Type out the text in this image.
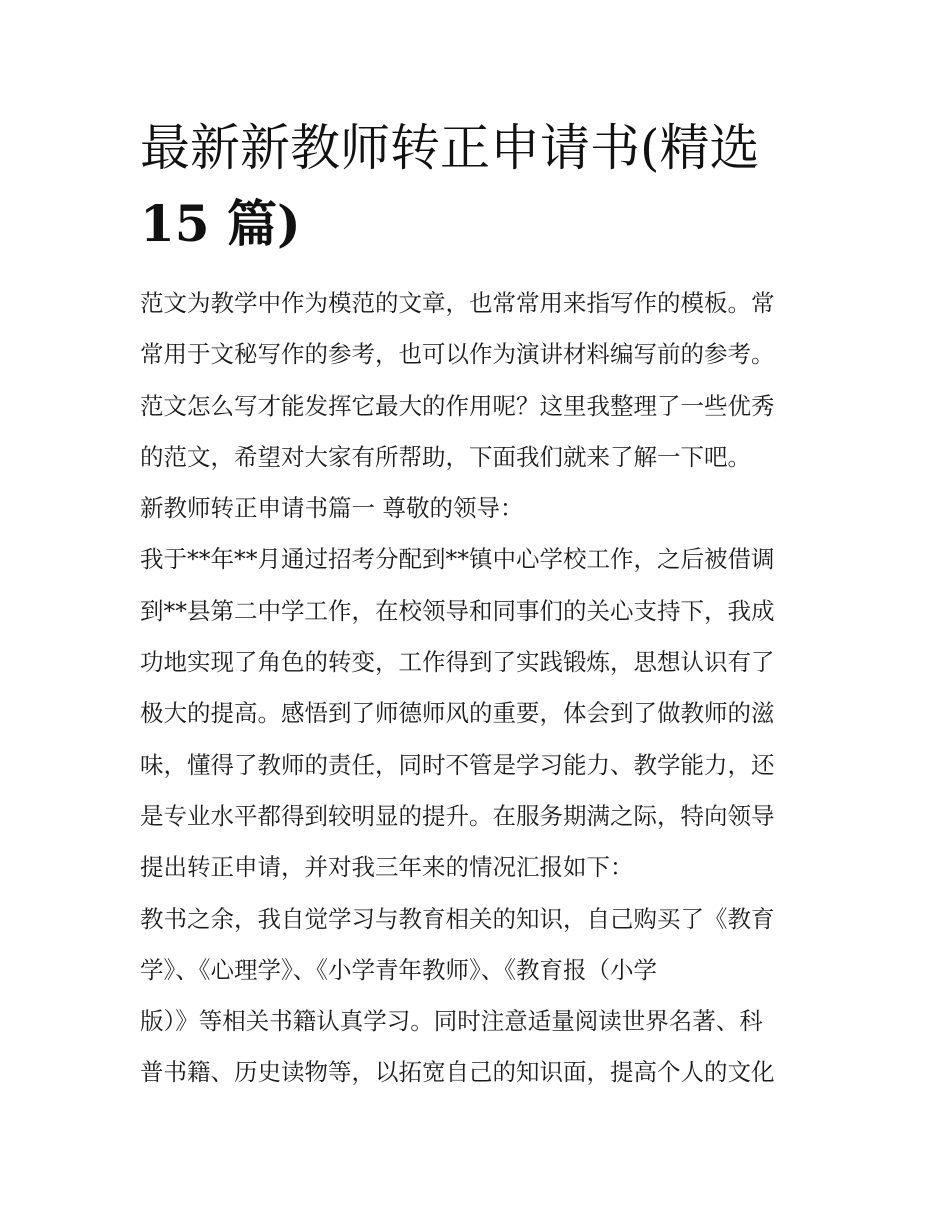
最新新教师转正申请书(精选
15 篇)
范文为教学中作为模范的文章，也常常用来指写作的模板。常
常用于文秘写作的参考，也可以作为演讲材料编写前的参考。
范文怎么写才能发挥它最大的作用呢？这里我整理了一些优秀
的范文，希望对大家有所帮助，下面我们就来了解一下吧。
新教师转正申请书篇一 尊敬的领导：
我于**年**月通过招考分配到**镇中心学校工作，之后被借调
到**县第二中学工作，在校领导和同事们的关心支持下，我成
功地实现了角色的转变，工作得到了实践锻炼，思想认识有了
极大的提高。感悟到了师德师风的重要，体会到了做教师的滋
味，懂得了教师的责任，同时不管是学习能力、教学能力，还
是专业水平都得到较明显的提升。在服务期满之际，特向领导
提出转正申请，并对我三年来的情况汇报如下：
教书之余，我自觉学习与教育相关的知识，自己购买了《教育
学》、《心理学》、《小学青年教师》、《教育报（小学
版）》等相关书籍认真学习。同时注意适量阅读世界名著、科
普书籍、历史读物等，以拓宽自己的知识面，提高个人的文化
